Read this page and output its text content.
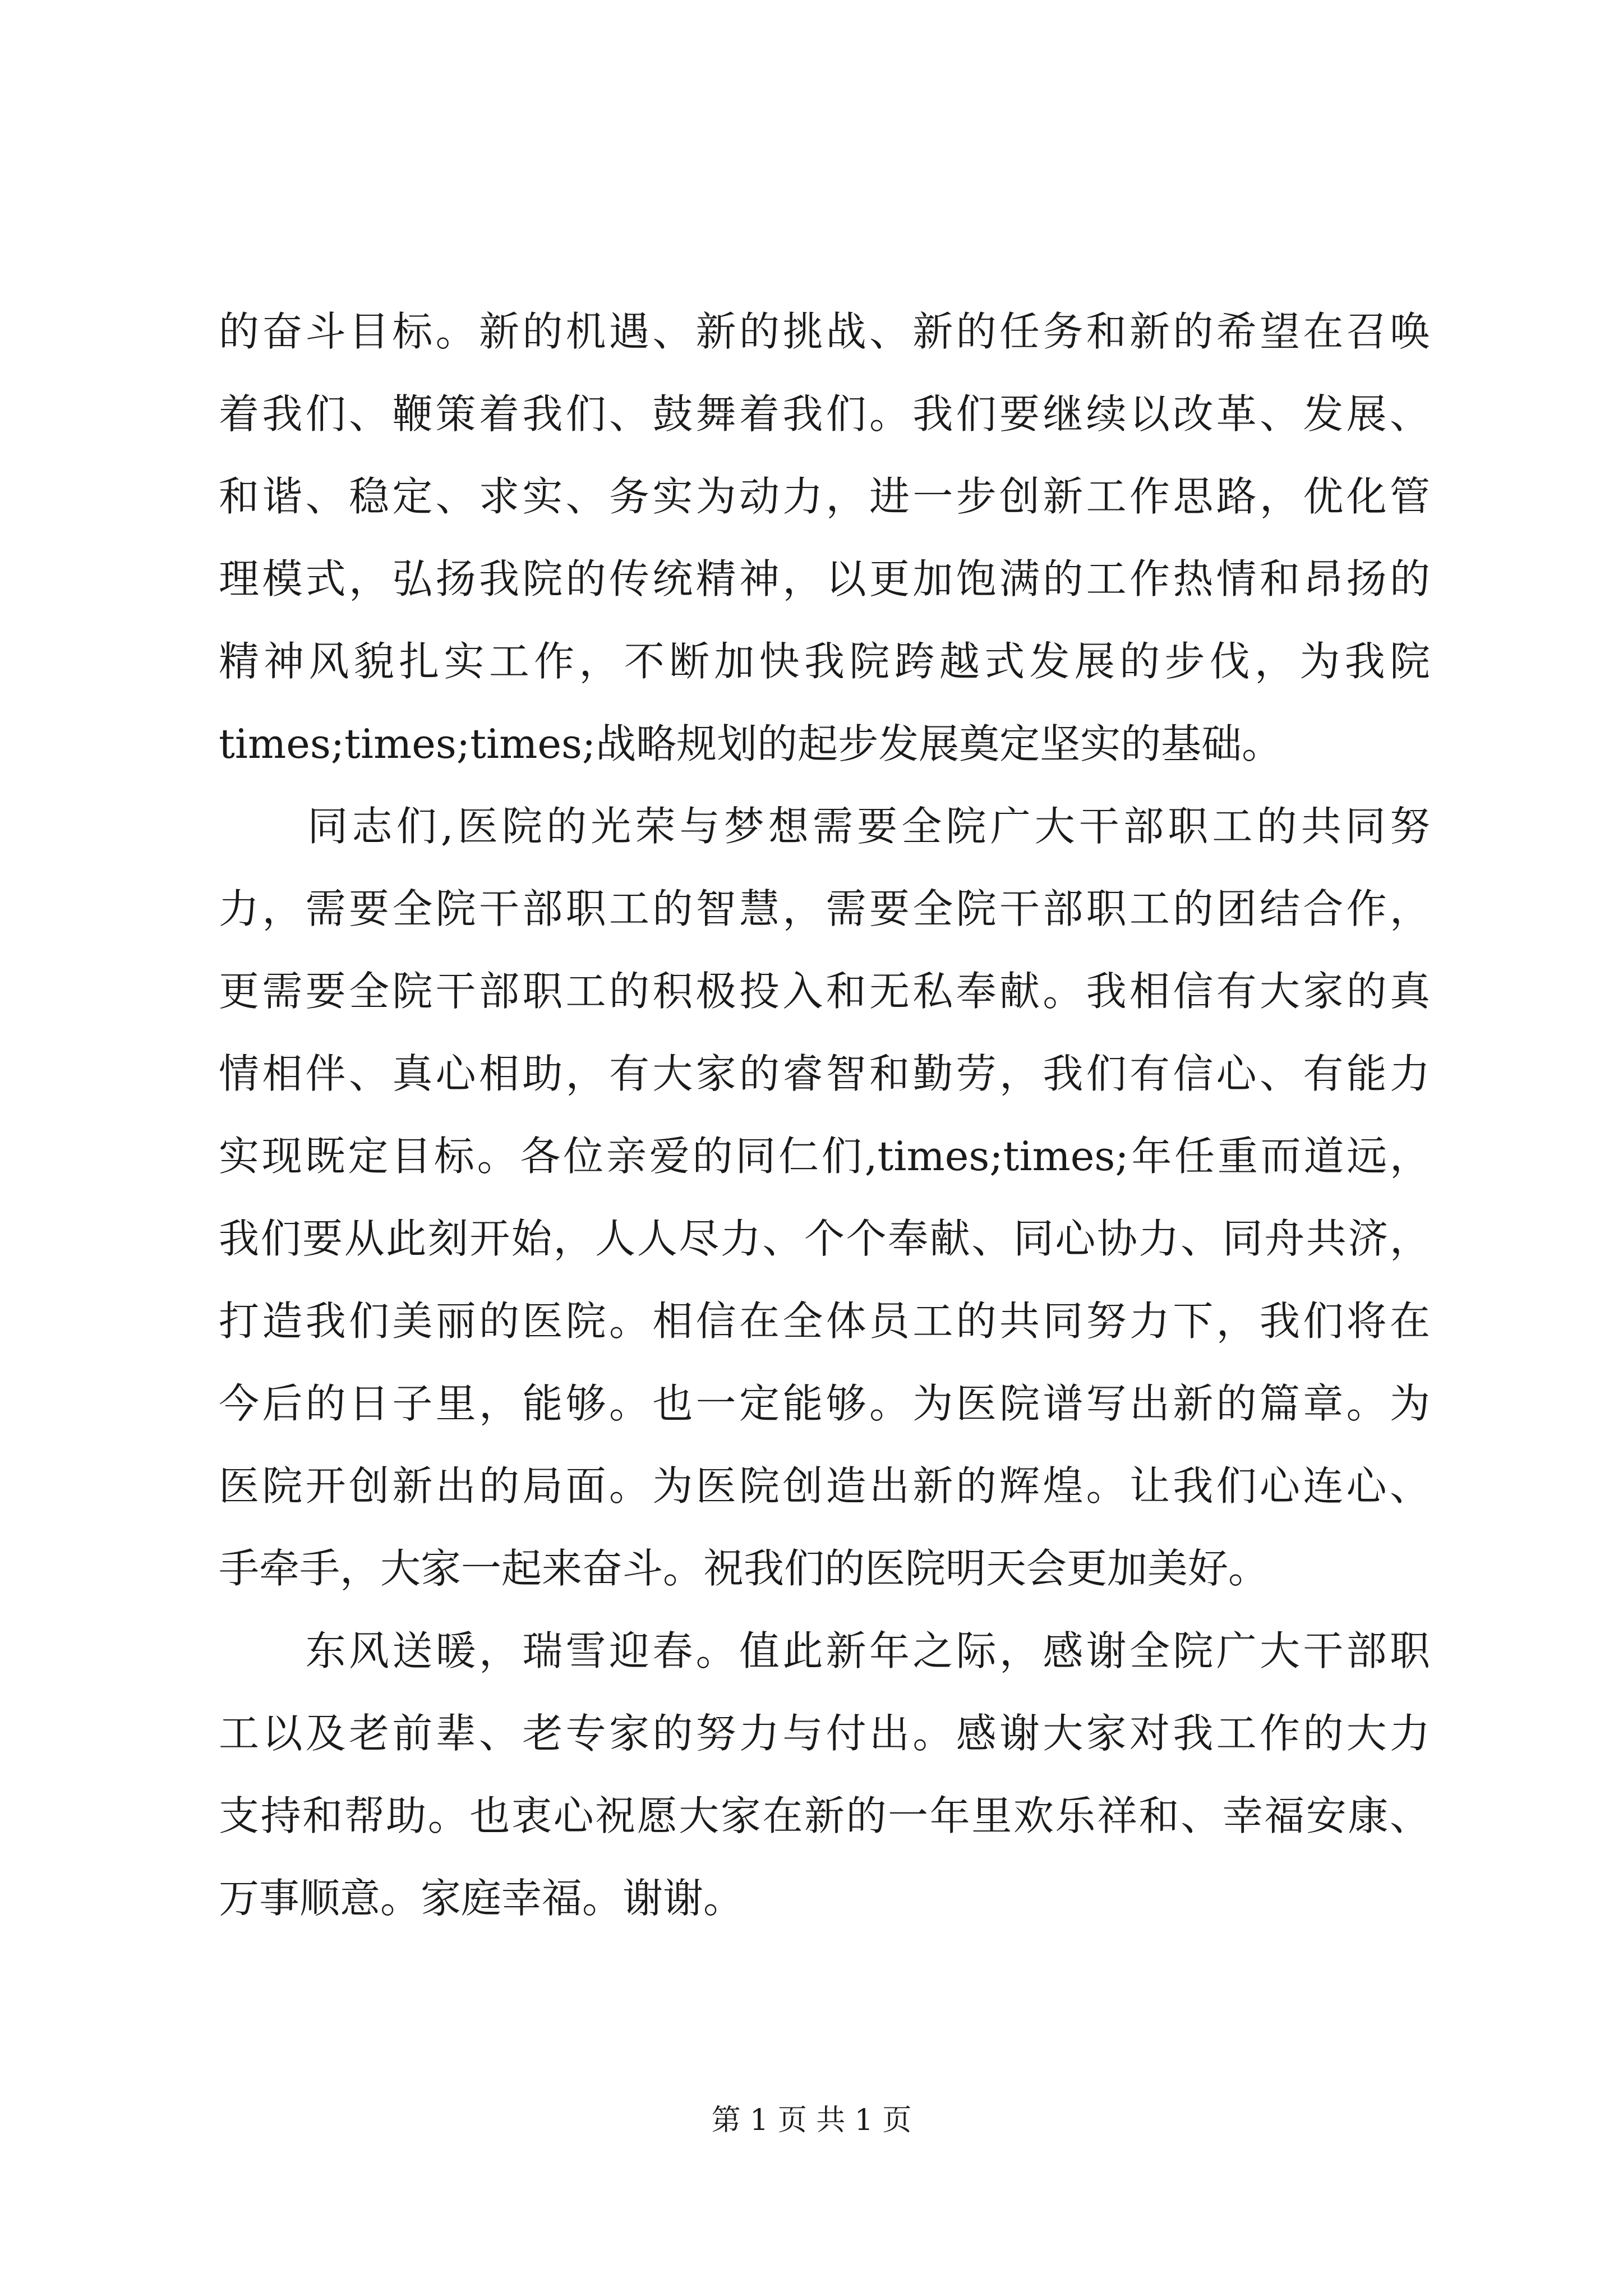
的奋斗目标。新的机遇、新的挑战、新的任务和新的希望在召唤
着我们、鞭策着我们、鼓舞着我们。我们要继续以改革、发展、
和谐、稳定、求实、务实为动力，进一步创新工作思路，优化管
理模式，弘扬我院的传统精神，以更加饱满的工作热情和昂扬的
精神风貌扎实工作，不断加快我院跨越式发展的步伐，为我院
times;times;times;战略规划的起步发展奠定坚实的基础。
　　同志们,医院的光荣与梦想需要全院广大干部职工的共同努
力，需要全院干部职工的智慧，需要全院干部职工的团结合作，
更需要全院干部职工的积极投入和无私奉献。我相信有大家的真
情相伴、真心相助，有大家的睿智和勤劳，我们有信心、有能力
实现既定目标。各位亲爱的同仁们,times;times;年任重而道远，
我们要从此刻开始，人人尽力、个个奉献、同心协力、同舟共济，
打造我们美丽的医院。相信在全体员工的共同努力下，我们将在
今后的日子里，能够。也一定能够。为医院谱写出新的篇章。为
医院开创新出的局面。为医院创造出新的辉煌。让我们心连心、
手牵手，大家一起来奋斗。祝我们的医院明天会更加美好。
　　东风送暖，瑞雪迎春。值此新年之际，感谢全院广大干部职
工以及老前辈、老专家的努力与付出。感谢大家对我工作的大力
支持和帮助。也衷心祝愿大家在新的一年里欢乐祥和、幸福安康、
万事顺意。家庭幸福。谢谢。
第 1 页 共 1 页
